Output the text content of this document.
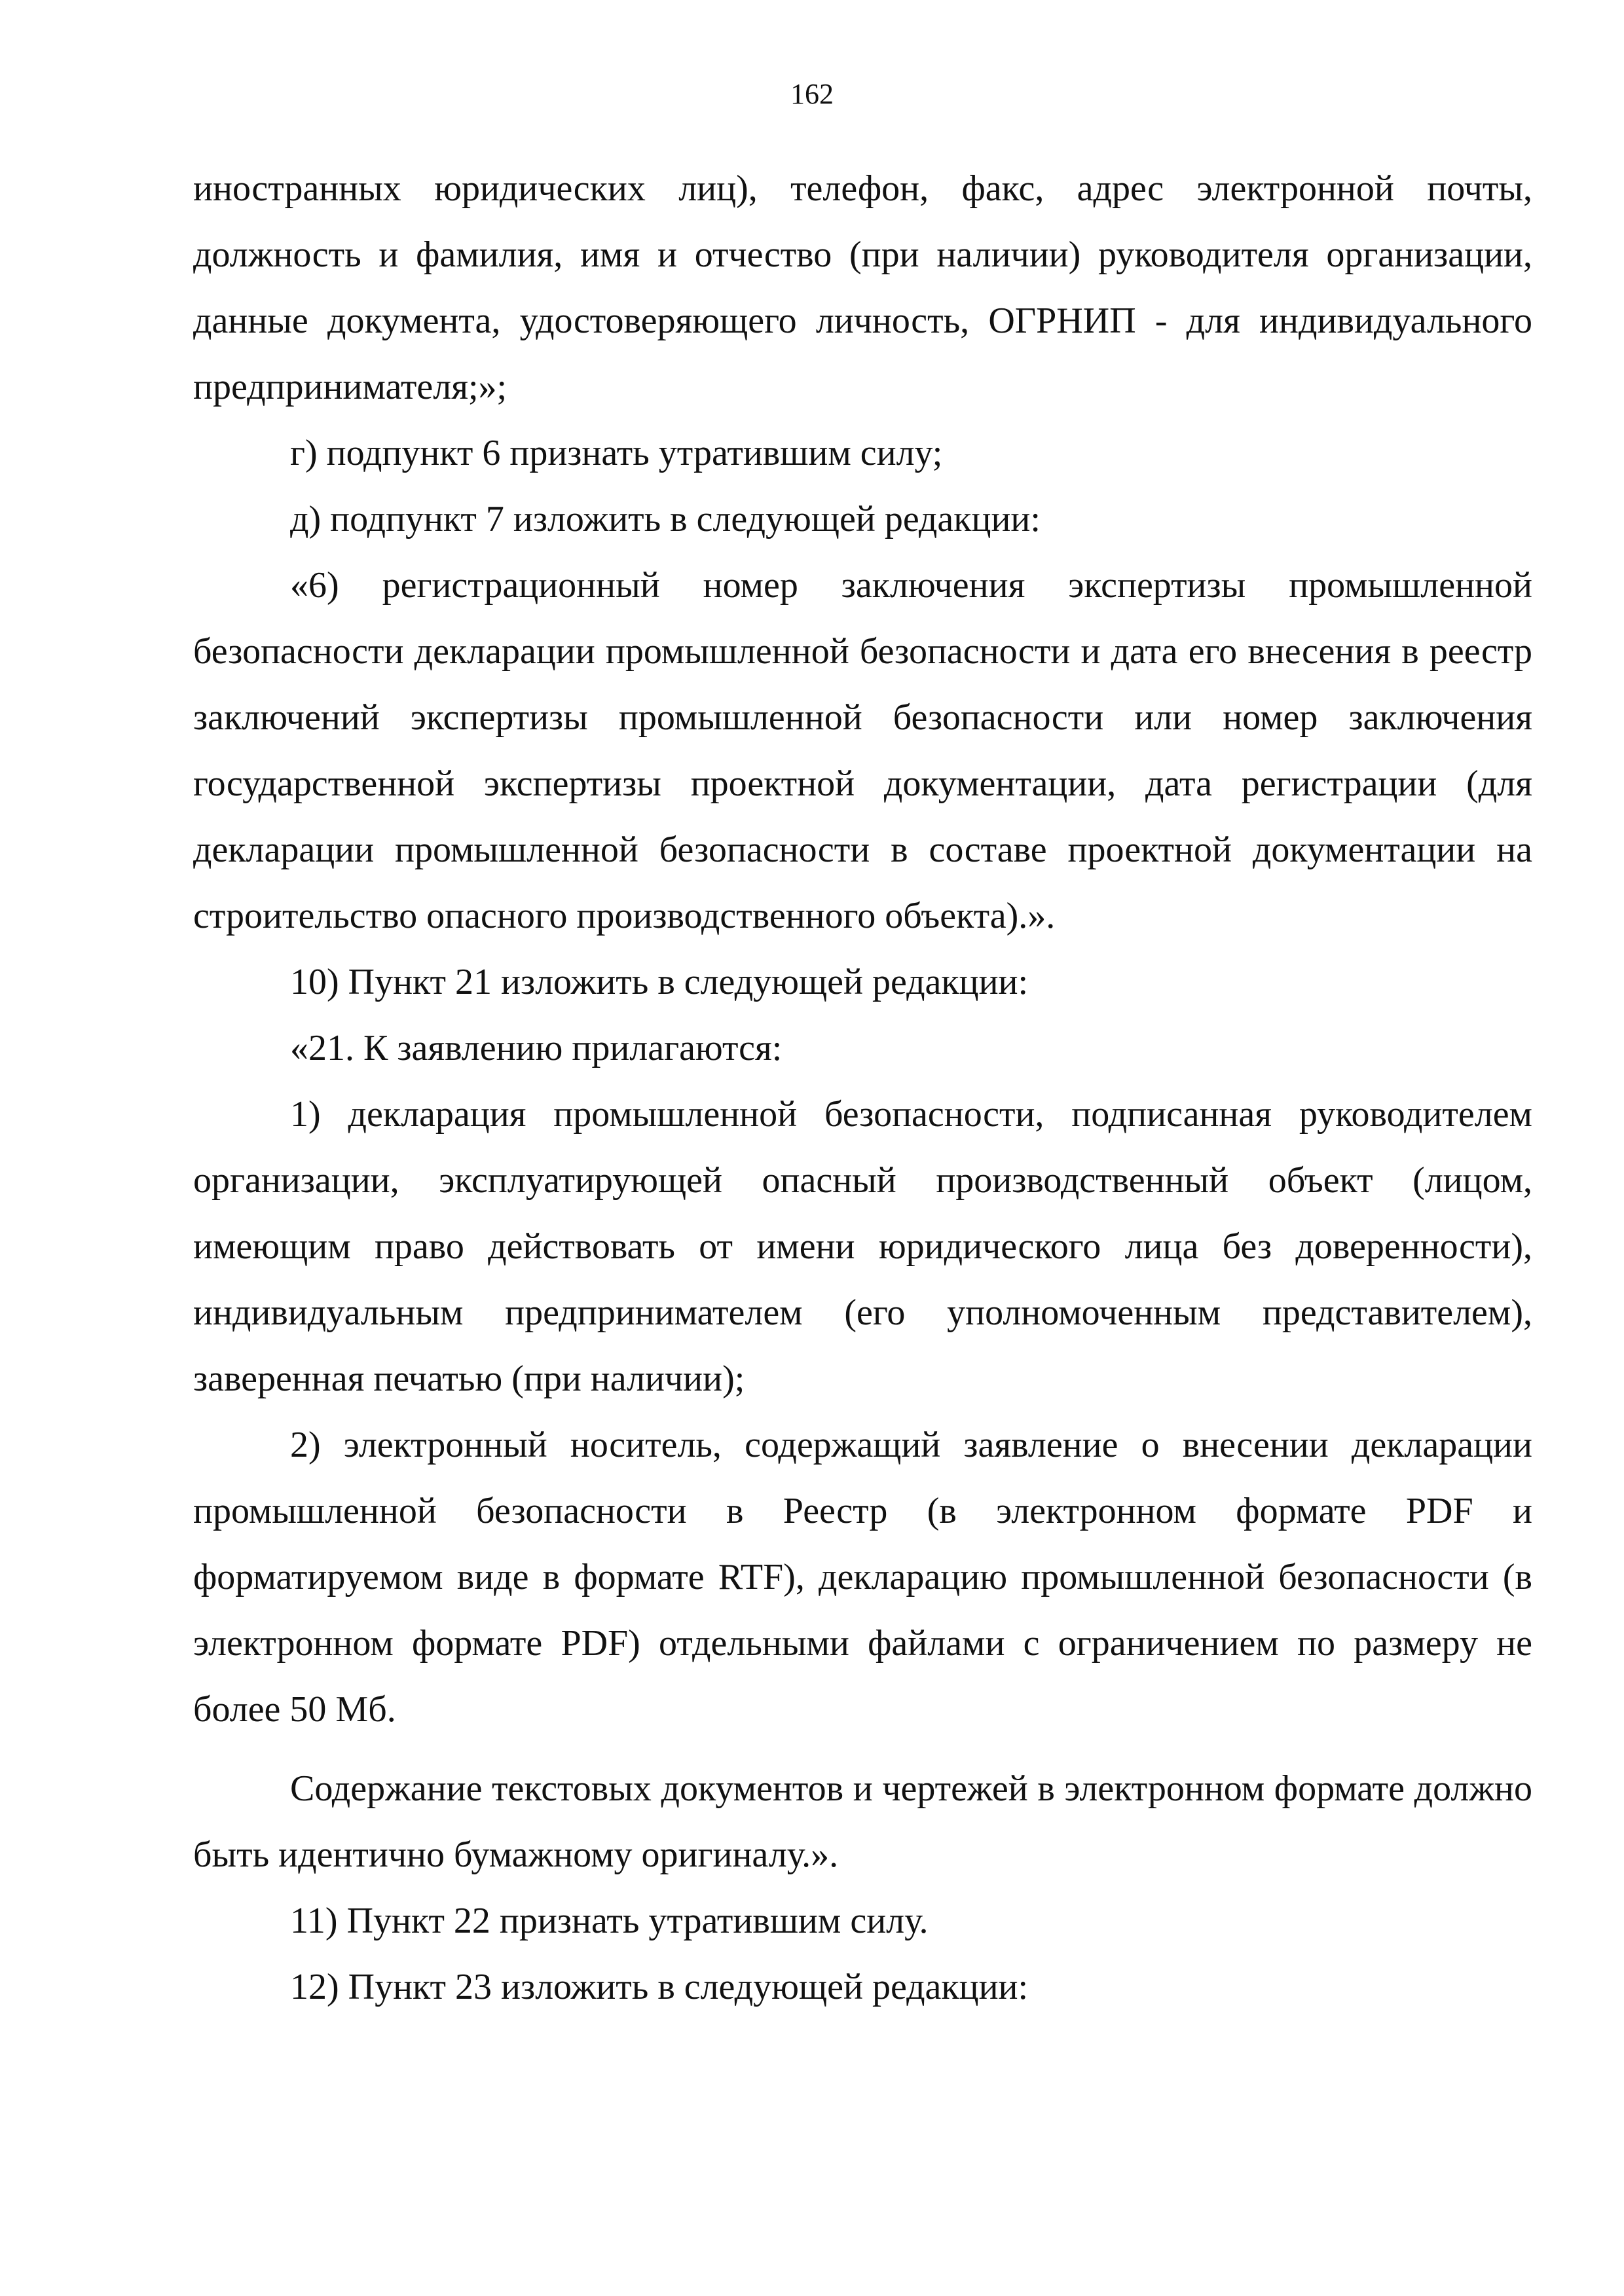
162

иностранных юридических лиц), телефон, факс, адрес электронной почты, должность и фамилия, имя и отчество (при наличии) руководителя организации, данные документа, удостоверяющего личность, ОГРНИП - для индивидуального предпринимателя;»;

г) подпункт 6 признать утратившим силу;

д) подпункт 7 изложить в следующей редакции:

«6) регистрационный номер заключения экспертизы промышленной безопасности декларации промышленной безопасности и дата его внесения в реестр заключений экспертизы промышленной безопасности или номер заключения государственной экспертизы проектной документации, дата регистрации (для декларации промышленной безопасности в составе проектной документации на строительство опасного производственного объекта).».

10) Пункт 21 изложить в следующей редакции:

«21. К заявлению прилагаются:

1) декларация промышленной безопасности, подписанная руководителем организации, эксплуатирующей опасный производственный объект (лицом, имеющим право действовать от имени юридического лица без доверенности), индивидуальным предпринимателем (его уполномоченным представителем), заверенная печатью (при наличии);

2) электронный носитель, содержащий заявление о внесении декларации промышленной безопасности в Реестр (в электронном формате PDF и форматируемом виде в формате RTF), декларацию промышленной безопасности (в электронном формате PDF) отдельными файлами с ограничением по размеру не более 50 Мб.

Содержание текстовых документов и чертежей в электронном формате должно быть идентично бумажному оригиналу.».

11) Пункт 22 признать утратившим силу.

12) Пункт 23 изложить в следующей редакции:
